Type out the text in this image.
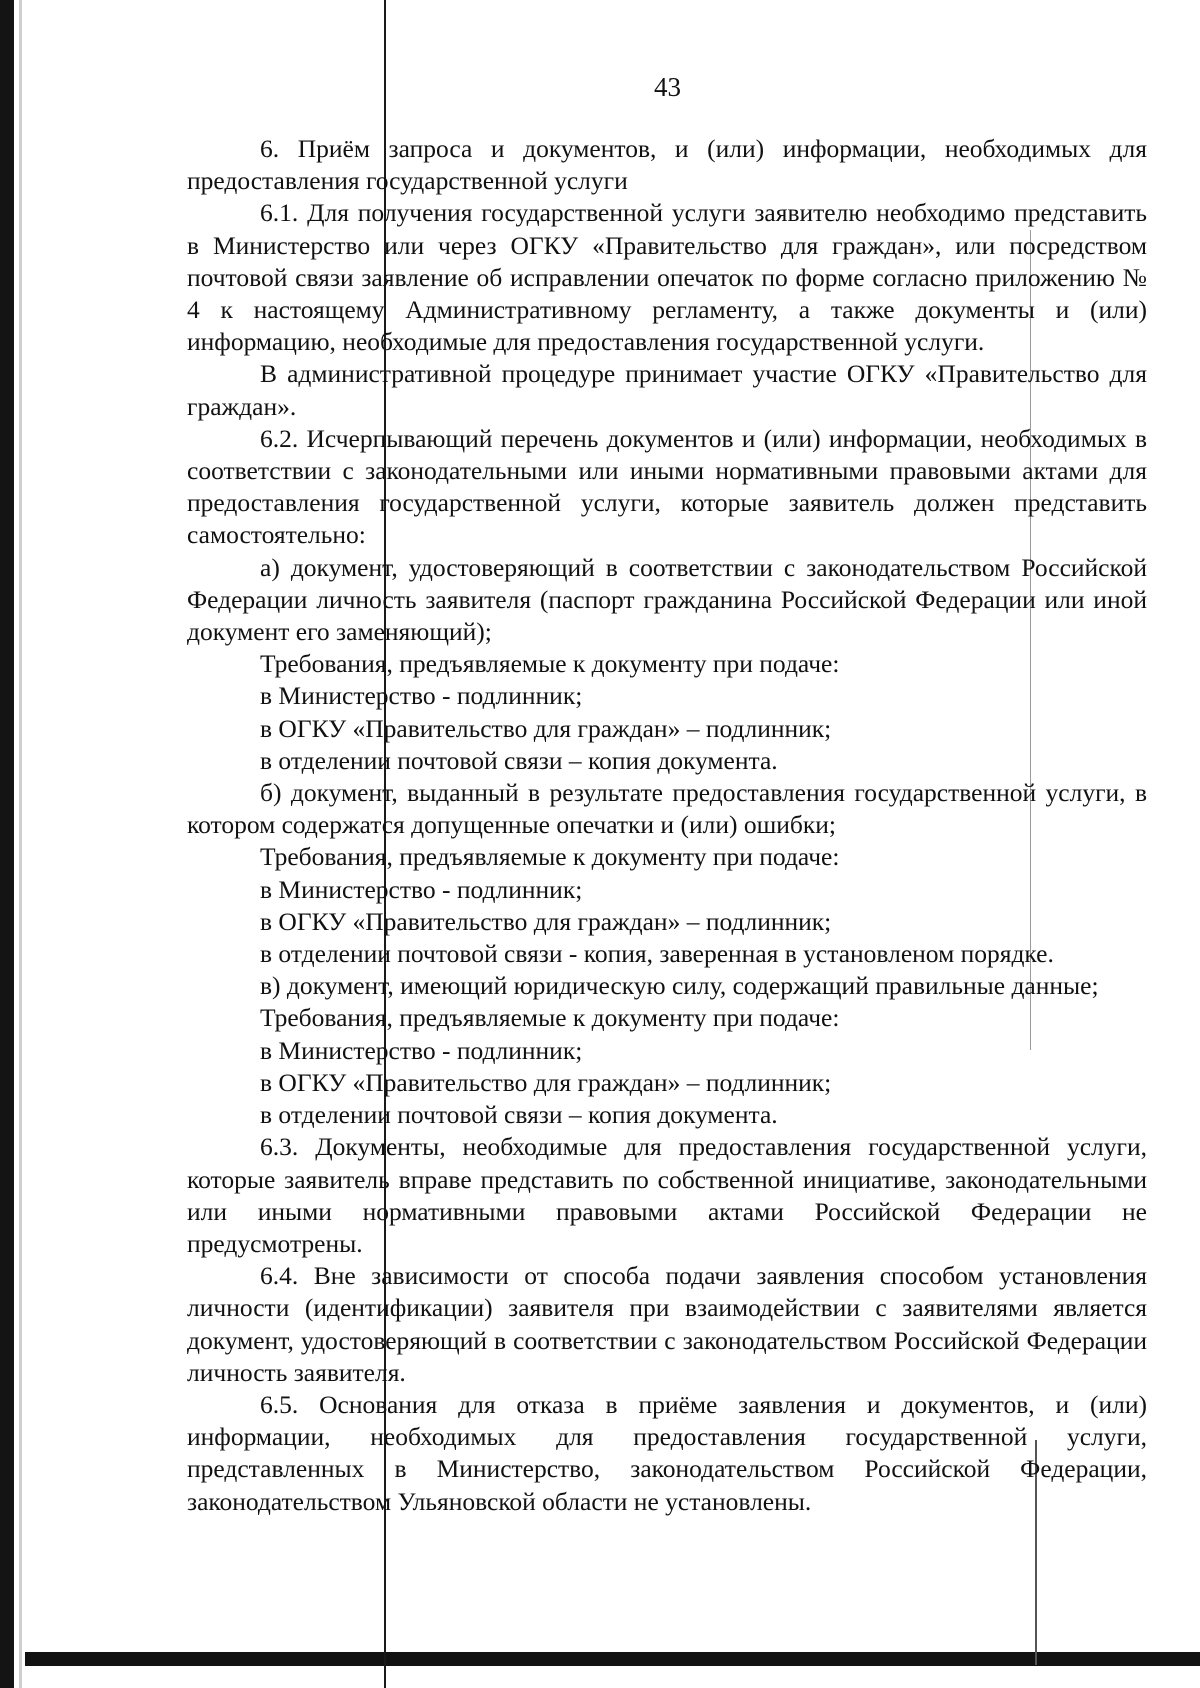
43

6. Приём запроса и документов, и (или) информации, необходимых для предоставления государственной услуги

6.1. Для получения государственной услуги заявителю необходимо представить в Министерство или через ОГКУ «Правительство для граждан», или посредством почтовой связи заявление об исправлении опечаток по форме согласно приложению № 4 к настоящему Административному регламенту, а также документы и (или) информацию, необходимые для предоставления государственной услуги.

В административной процедуре принимает участие ОГКУ «Правительство для граждан».

6.2. Исчерпывающий перечень документов и (или) информации, необходимых в соответствии с законодательными или иными нормативными правовыми актами для предоставления государственной услуги, которые заявитель должен представить самостоятельно:

а) документ, удостоверяющий в соответствии с законодательством Российской Федерации личность заявителя (паспорт гражданина Российской Федерации или иной документ его заменяющий);

Требования, предъявляемые к документу при подаче:

в Министерство - подлинник;

в ОГКУ «Правительство для граждан» – подлинник;

в отделении почтовой связи – копия документа.

б) документ, выданный в результате предоставления государственной услуги, в котором содержатся допущенные опечатки и (или) ошибки;

Требования, предъявляемые к документу при подаче:

в Министерство - подлинник;

в ОГКУ «Правительство для граждан» – подлинник;

в отделении почтовой связи - копия, заверенная в установленом порядке.

в) документ, имеющий юридическую силу, содержащий правильные данные;

Требования, предъявляемые к документу при подаче:

в Министерство - подлинник;

в ОГКУ «Правительство для граждан» – подлинник;

в отделении почтовой связи – копия документа.

6.3. Документы, необходимые для предоставления государственной услуги, которые заявитель вправе представить по собственной инициативе, законодательными или иными нормативными правовыми актами Российской Федерации не предусмотрены.

6.4. Вне зависимости от способа подачи заявления способом установления личности (идентификации) заявителя при взаимодействии с заявителями является документ, удостоверяющий в соответствии с законодательством Российской Федерации личность заявителя.

6.5. Основания для отказа в приёме заявления и документов, и (или) информации, необходимых для предоставления государственной услуги, представленных в Министерство, законодательством Российской Федерации, законодательством Ульяновской области не установлены.
